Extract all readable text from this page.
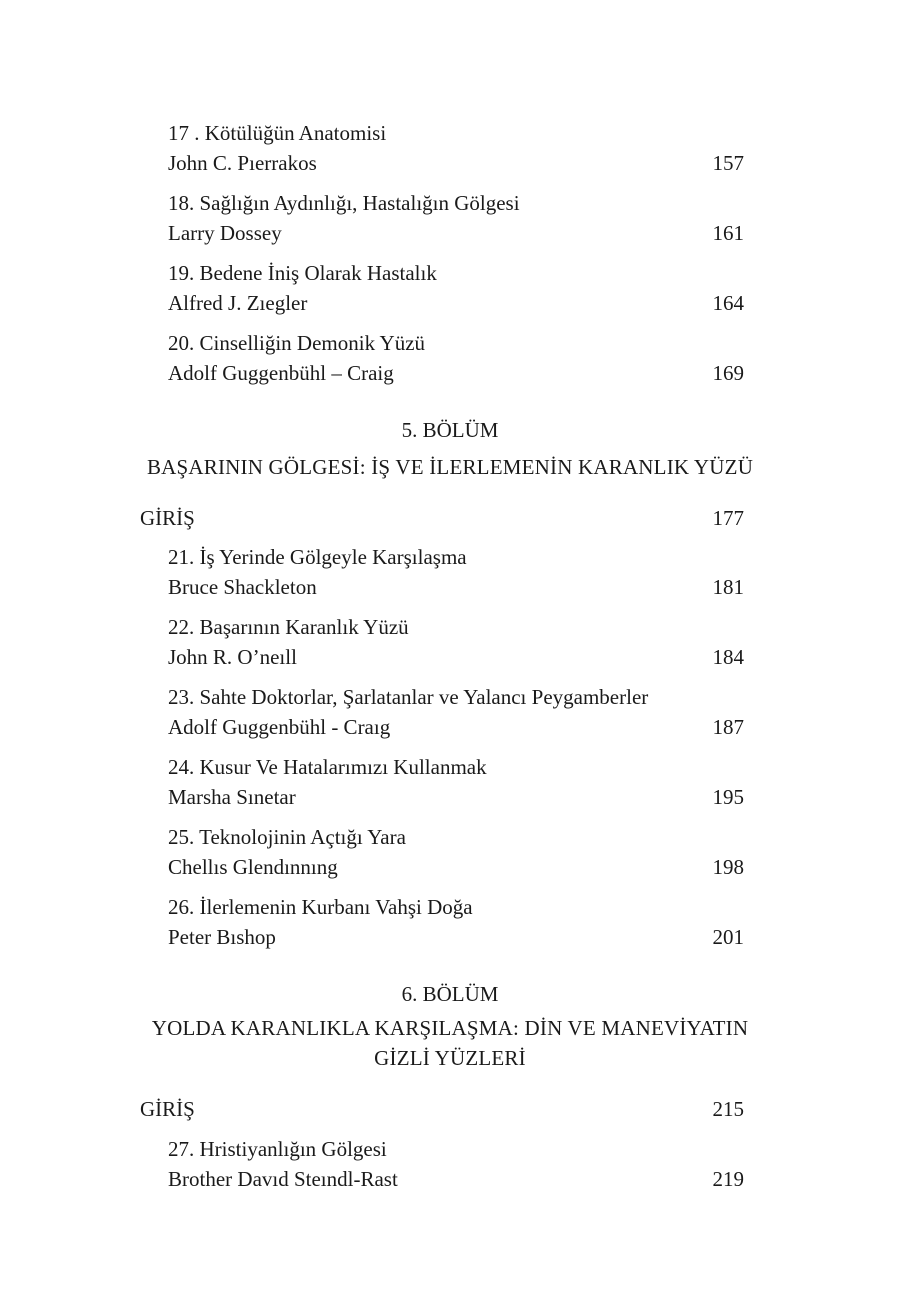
17 . Kötülüğün Anatomisi
John C. Pıerrakos	157
18. Sağlığın Aydınlığı, Hastalığın Gölgesi
Larry Dossey	161
19. Bedene İniş Olarak Hastalık
Alfred J. Zıegler	164
20. Cinselliğin Demonik Yüzü
Adolf Guggenbühl – Craig	169
5. BÖLÜM
BAŞARININ GÖLGESİ: İŞ VE İLERLEMENİN KARANLIK YÜZÜ
GİRİŞ	177
21. İş Yerinde Gölgeyle Karşılaşma
Bruce Shackleton	181
22. Başarının Karanlık Yüzü
John R. O’neıll	184
23. Sahte Doktorlar, Şarlatanlar ve Yalancı Peygamberler
Adolf Guggenbühl - Craıg	187
24. Kusur Ve Hatalarımızı Kullanmak
Marsha Sınetar	195
25. Teknolojinin Açtığı Yara
Chellıs Glendınnıng	198
26. İlerlemenin Kurbanı Vahşi Doğa
Peter Bıshop	201
6. BÖLÜM
YOLDA KARANLIKLA KARŞILAŞMA: DİN VE MANEVİYATIN
GİZLİ YÜZLERİ
GİRİŞ	215
27. Hristiyanlığın Gölgesi
Brother Davıd Steındl-Rast	219
